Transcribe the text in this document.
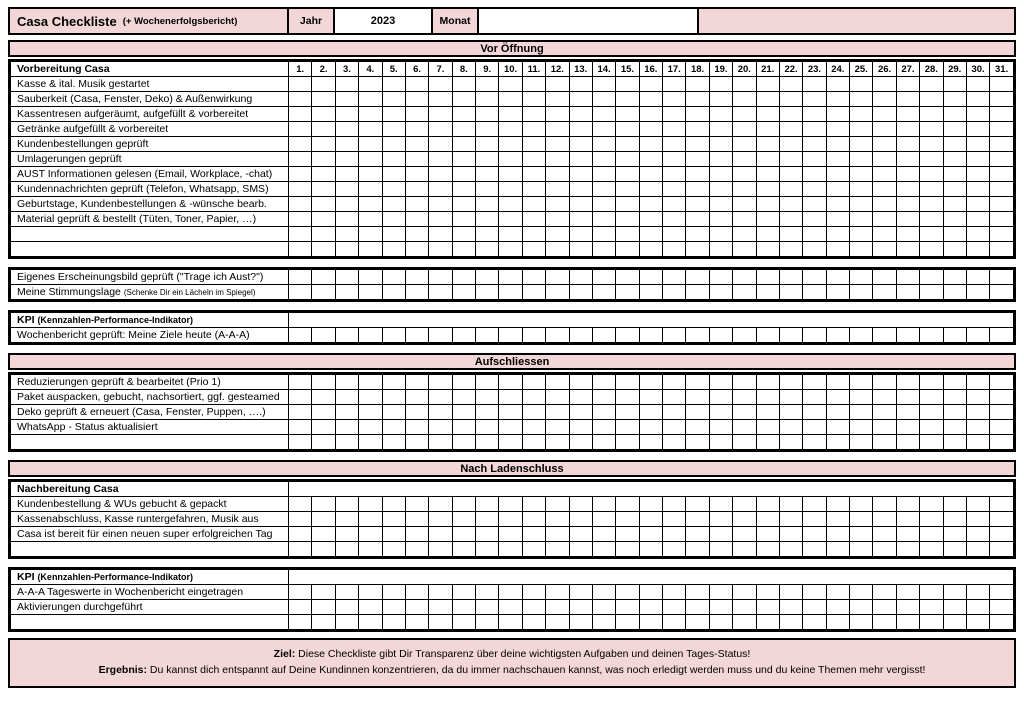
Casa Checkliste (+ Wochenerfolgsbericht)	Jahr	2023	Monat
Vor Öffnung
Vorbereitung Casa	1.	2.	3.	4.	5.	6.	7.	8.	9.	10.	11.	12.	13.	14.	15.	16.	17.	18.	19.	20.	21.	22.	23.	24.	25.	26.	27.	28.	29.	30.	31.
Kasse & ital. Musik gestartet																															
Sauberkeit (Casa, Fenster, Deko) & Außenwirkung																															
Kassentresen aufgeräumt, aufgefüllt & vorbereitet																															
Getränke aufgefüllt & vorbereitet																															
Kundenbestellungen geprüft																															
Umlagerungen geprüft																															
AUST Informationen gelesen (Email, Workplace, -chat)																															
Kundennachrichten geprüft (Telefon, Whatsapp, SMS)																															
Geburtstage, Kundenbestellungen & -wünsche bearb.																															
Material geprüft & bestellt (Tüten, Toner, Papier, …)																															

Eigenes Erscheinungsbild geprüft ("Trage ich Aust?")																															
Meine Stimmungslage (Schenke Dir ein Lächeln im Spiegel)																															
KPI (Kennzahlen-Performance-Indikator)																															
Wochenbericht geprüft: Meine Ziele heute (A-A-A)																															
Aufschliessen
Reduzierungen geprüft & bearbeitet (Prio 1)																															
Paket auspacken, gebucht, nachsortiert, ggf. gesteamed																															
Deko geprüft & erneuert (Casa, Fenster, Puppen, ….)																															
WhatsApp - Status aktualisiert																															

Nach Ladenschluss
Nachbereitung Casa																															
Kundenbestellung & WUs gebucht & gepackt																															
Kassenabschluss, Kasse runtergefahren, Musik aus																															
Casa ist bereit für einen neuen super erfolgreichen Tag																															

KPI (Kennzahlen-Performance-Indikator)																															
A-A-A Tageswerte in Wochenbericht eingetragen																															
Aktivierungen durchgeführt																															

Ziel: Diese Checkliste gibt Dir Transparenz über deine wichtigsten Aufgaben und deinen Tages-Status!
Ergebnis: Du kannst dich entspannt auf Deine Kundinnen konzentrieren, da du immer nachschauen kannst, was noch erledigt werden muss und du keine Themen mehr vergisst!
